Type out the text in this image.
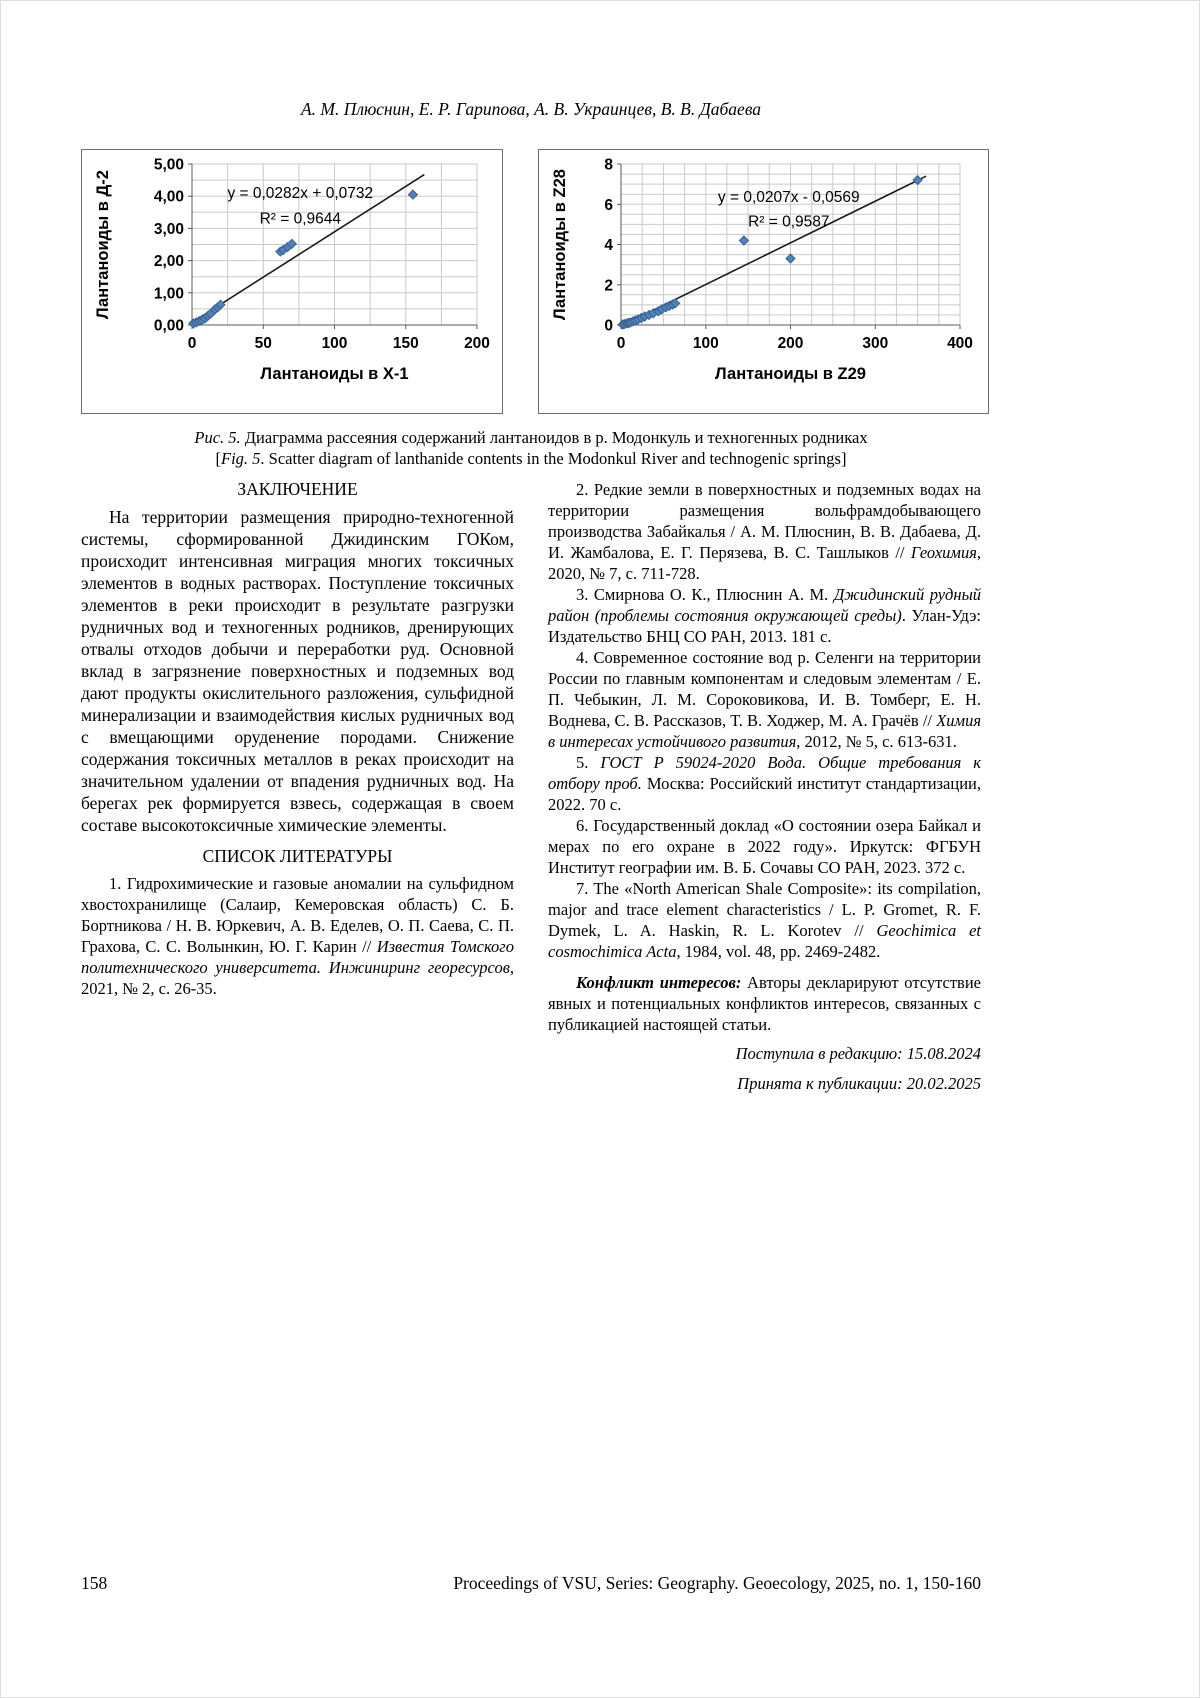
А. М. Плюснин, Е. Р. Гарипова, А. В. Украинцев, В. В. Дабаева
0	50	100	150	200
0,00
1,00
2,00
3,00
4,00
5,00
Лантаноиды в Х-1
Лантаноиды в Д-2	y = 0,0282x + 0,0732
R² = 0,9644
0	100	200	300	400
0
2
4
6
8
Лантаноиды в Z29
Лантаноиды в Z28	y = 0,0207x - 0,0569
R² = 0,9587
Рис. 5. Диаграмма рассеяния содержаний лантаноидов в р. Модонкуль и техногенных родниках
[Fig. 5. Scatter diagram of lanthanide contents in the Modonkul River and technogenic springs]
ЗАКЛЮЧЕНИЕ

На территории размещения природно-техногенной системы, сформированной Джидинским ГОКом, происходит интенсивная миграция многих токсичных элементов в водных растворах. Поступление токсичных элементов в реки происходит в результате разгрузки рудничных вод и техногенных родников, дренирующих отвалы отходов добычи и переработки руд. Основной вклад в загрязнение поверхностных и подземных вод дают продукты окислительного разложения, сульфидной минерализации и взаимодействия кислых рудничных вод с вмещающими оруденение породами. Снижение содержания токсичных металлов в реках происходит на значительном удалении от впадения рудничных вод. На берегах рек формируется взвесь, содержащая в своем составе высокотоксичные химические элементы.

СПИСОК ЛИТЕРАТУРЫ

1. Гидрохимические и газовые аномалии на сульфидном хвостохранилище (Салаир, Кемеровская область) С. Б. Бортникова / Н. В. Юркевич, А. В. Еделев, О. П. Саева, С. П. Грахова, С. С. Волынкин, Ю. Г. Карин // Известия Томского политехнического университета. Инжиниринг георесурсов, 2021, № 2, с. 26-35.

2. Редкие земли в поверхностных и подземных водах на территории размещения вольфрамдобывающего производства Забайкалья / А. М. Плюснин, В. В. Дабаева, Д. И. Жамбалова, Е. Г. Перязева, В. С. Ташлыков // Геохимия, 2020, № 7, с. 711-728.

3. Смирнова О. К., Плюснин А. М. Джидинский рудный район (проблемы состояния окружающей среды). Улан-Удэ: Издательство БНЦ СО РАН, 2013. 181 с.

4. Современное состояние вод р. Селенги на территории России по главным компонентам и следовым элементам / Е. П. Чебыкин, Л. М. Сороковикова, И. В. Томберг, Е. Н. Воднева, С. В. Рассказов, Т. В. Ходжер, М. А. Грачёв // Химия в интересах устойчивого развития, 2012, № 5, с. 613-631.

5. ГОСТ Р 59024-2020 Вода. Общие требования к отбору проб. Москва: Российский институт стандартизации, 2022. 70 с.

6. Государственный доклад «О состоянии озера Байкал и мерах по его охране в 2022 году». Иркутск: ФГБУН Институт географии им. В. Б. Сочавы СО РАН, 2023. 372 с.

7. The «North American Shale Composite»: its compilation, major and trace element characteristics / L. P. Gromet, R. F. Dymek, L. A. Haskin, R. L. Korotev // Geochimica et cosmochimica Acta, 1984, vol. 48, pp. 2469-2482.

Конфликт интересов: Авторы декларируют отсутствие явных и потенциальных конфликтов интересов, связанных с публикацией настоящей статьи.

Поступила в редакцию: 15.08.2024

Принята к публикации: 20.02.2025

158	Proceedings of VSU, Series: Geography. Geoecology, 2025, no. 1, 150-160
